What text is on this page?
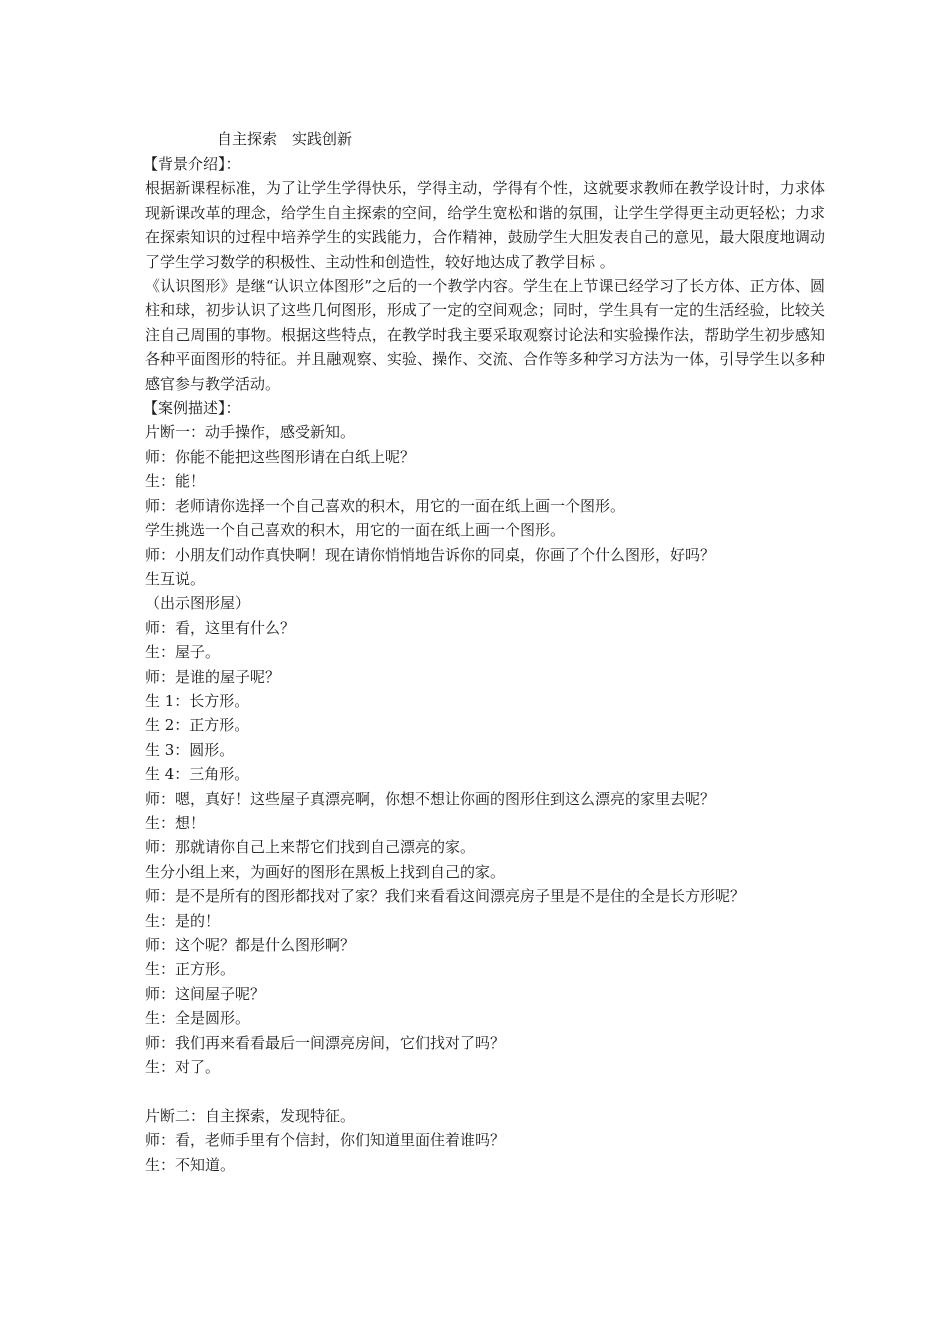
自主探索　实践创新

【背景介绍】：

根据新课程标准，为了让学生学得快乐，学得主动，学得有个性，这就要求教师在教学设计时，力求体现新课改革的理念，给学生自主探索的空间，给学生宽松和谐的氛围，让学生学得更主动更轻松；力求在探索知识的过程中培养学生的实践能力，合作精神，鼓励学生大胆发表自己的意见，最大限度地调动了学生学习数学的积极性、主动性和创造性，较好地达成了教学目标 。

《认识图形》是继“认识立体图形”之后的一个教学内容。学生在上节课已经学习了长方体、正方体、圆柱和球，初步认识了这些几何图形，形成了一定的空间观念；同时，学生具有一定的生活经验，比较关注自己周围的事物。根据这些特点，在教学时我主要采取观察讨论法和实验操作法，帮助学生初步感知各种平面图形的特征。并且融观察、实验、操作、交流、合作等多种学习方法为一体，引导学生以多种感官参与教学活动。

【案例描述】：

片断一：动手操作，感受新知。

师：你能不能把这些图形请在白纸上呢？

生：能！

师：老师请你选择一个自己喜欢的积木，用它的一面在纸上画一个图形。

学生挑选一个自己喜欢的积木，用它的一面在纸上画一个图形。

师：小朋友们动作真快啊！现在请你悄悄地告诉你的同桌，你画了个什么图形，好吗？

生互说。

（出示图形屋）

师：看，这里有什么？

生：屋子。

师：是谁的屋子呢？

生 1：长方形。

生 2：正方形。

生 3：圆形。

生 4：三角形。

师：嗯，真好！这些屋子真漂亮啊，你想不想让你画的图形住到这么漂亮的家里去呢？

生：想！

师：那就请你自己上来帮它们找到自己漂亮的家。

生分小组上来，为画好的图形在黑板上找到自己的家。

师：是不是所有的图形都找对了家？我们来看看这间漂亮房子里是不是住的全是长方形呢？

生：是的！

师：这个呢？都是什么图形啊？

生：正方形。

师：这间屋子呢？

生：全是圆形。

师：我们再来看看最后一间漂亮房间，它们找对了吗？

生：对了。

片断二：自主探索，发现特征。

师：看，老师手里有个信封，你们知道里面住着谁吗？

生：不知道。
